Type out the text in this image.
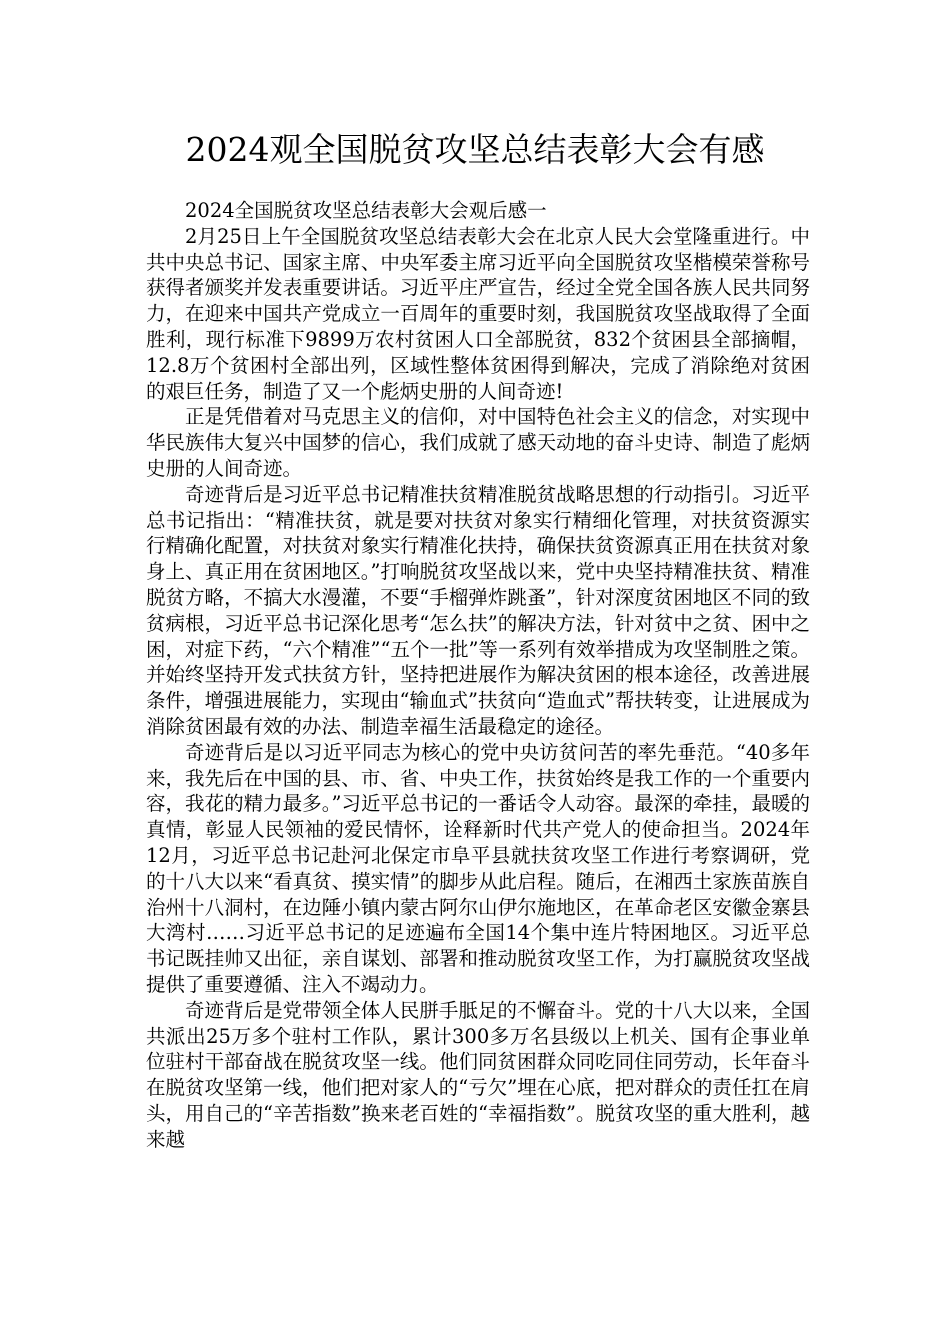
2024观全国脱贫攻坚总结表彰大会有感

2024全国脱贫攻坚总结表彰大会观后感一

2月25日上午全国脱贫攻坚总结表彰大会在北京人民大会堂隆重进行。中共中央总书记、国家主席、中央军委主席习近平向全国脱贫攻坚楷模荣誉称号获得者颁奖并发表重要讲话。习近平庄严宣告，经过全党全国各族人民共同努力，在迎来中国共产党成立一百周年的重要时刻，我国脱贫攻坚战取得了全面胜利，现行标准下9899万农村贫困人口全部脱贫，832个贫困县全部摘帽，12.8万个贫困村全部出列，区域性整体贫困得到解决，完成了消除绝对贫困的艰巨任务，制造了又一个彪炳史册的人间奇迹!

正是凭借着对马克思主义的信仰，对中国特色社会主义的信念，对实现中华民族伟大复兴中国梦的信心，我们成就了感天动地的奋斗史诗、制造了彪炳史册的人间奇迹。

奇迹背后是习近平总书记精准扶贫精准脱贫战略思想的行动指引。习近平总书记指出：“精准扶贫，就是要对扶贫对象实行精细化管理，对扶贫资源实行精确化配置，对扶贫对象实行精准化扶持，确保扶贫资源真正用在扶贫对象身上、真正用在贫困地区。”打响脱贫攻坚战以来，党中央坚持精准扶贫、精准脱贫方略，不搞大水漫灌，不要“手榴弹炸跳蚤”，针对深度贫困地区不同的致贫病根，习近平总书记深化思考“怎么扶”的解决方法，针对贫中之贫、困中之困，对症下药，“六个精准”“五个一批”等一系列有效举措成为攻坚制胜之策。并始终坚持开发式扶贫方针，坚持把进展作为解决贫困的根本途径，改善进展条件，增强进展能力，实现由“输血式”扶贫向“造血式”帮扶转变，让进展成为消除贫困最有效的办法、制造幸福生活最稳定的途径。

奇迹背后是以习近平同志为核心的党中央访贫问苦的率先垂范。“40多年来，我先后在中国的县、市、省、中央工作，扶贫始终是我工作的一个重要内容，我花的精力最多。”习近平总书记的一番话令人动容。最深的牵挂，最暖的真情，彰显人民领袖的爱民情怀，诠释新时代共产党人的使命担当。2024年12月，习近平总书记赴河北保定市阜平县就扶贫攻坚工作进行考察调研，党的十八大以来“看真贫、摸实情”的脚步从此启程。随后，在湘西土家族苗族自治州十八洞村，在边陲小镇内蒙古阿尔山伊尔施地区，在革命老区安徽金寨县大湾村……习近平总书记的足迹遍布全国14个集中连片特困地区。习近平总书记既挂帅又出征，亲自谋划、部署和推动脱贫攻坚工作，为打赢脱贫攻坚战提供了重要遵循、注入不竭动力。

奇迹背后是党带领全体人民胼手胝足的不懈奋斗。党的十八大以来，全国共派出25万多个驻村工作队，累计300多万名县级以上机关、国有企事业单位驻村干部奋战在脱贫攻坚一线。他们同贫困群众同吃同住同劳动，长年奋斗在脱贫攻坚第一线，他们把对家人的“亏欠”埋在心底，把对群众的责任扛在肩头，用自己的“辛苦指数”换来老百姓的“幸福指数”。脱贫攻坚的重大胜利，越来越
